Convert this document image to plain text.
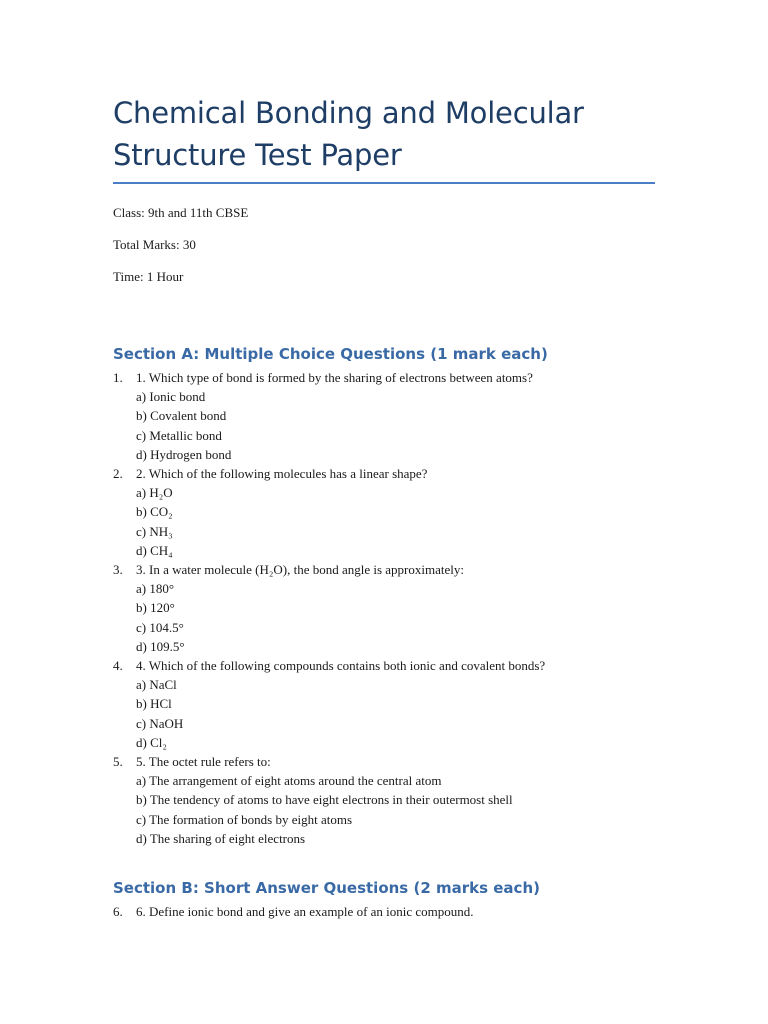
Chemical Bonding and Molecular
Structure Test Paper

Class: 9th and 11th CBSE

Total Marks: 30

Time: 1 Hour

Section A: Multiple Choice Questions (1 mark each)
1. 1. Which type of bond is formed by the sharing of electrons between atoms?
a) Ionic bond
b) Covalent bond
c) Metallic bond
d) Hydrogen bond
2. 2. Which of the following molecules has a linear shape?
a) H₂O
b) CO₂
c) NH₃
d) CH₄
3. 3. In a water molecule (H₂O), the bond angle is approximately:
a) 180°
b) 120°
c) 104.5°
d) 109.5°
4. 4. Which of the following compounds contains both ionic and covalent bonds?
a) NaCl
b) HCl
c) NaOH
d) Cl₂
5. 5. The octet rule refers to:
a) The arrangement of eight atoms around the central atom
b) The tendency of atoms to have eight electrons in their outermost shell
c) The formation of bonds by eight atoms
d) The sharing of eight electrons
Section B: Short Answer Questions (2 marks each)
6. 6. Define ionic bond and give an example of an ionic compound.
